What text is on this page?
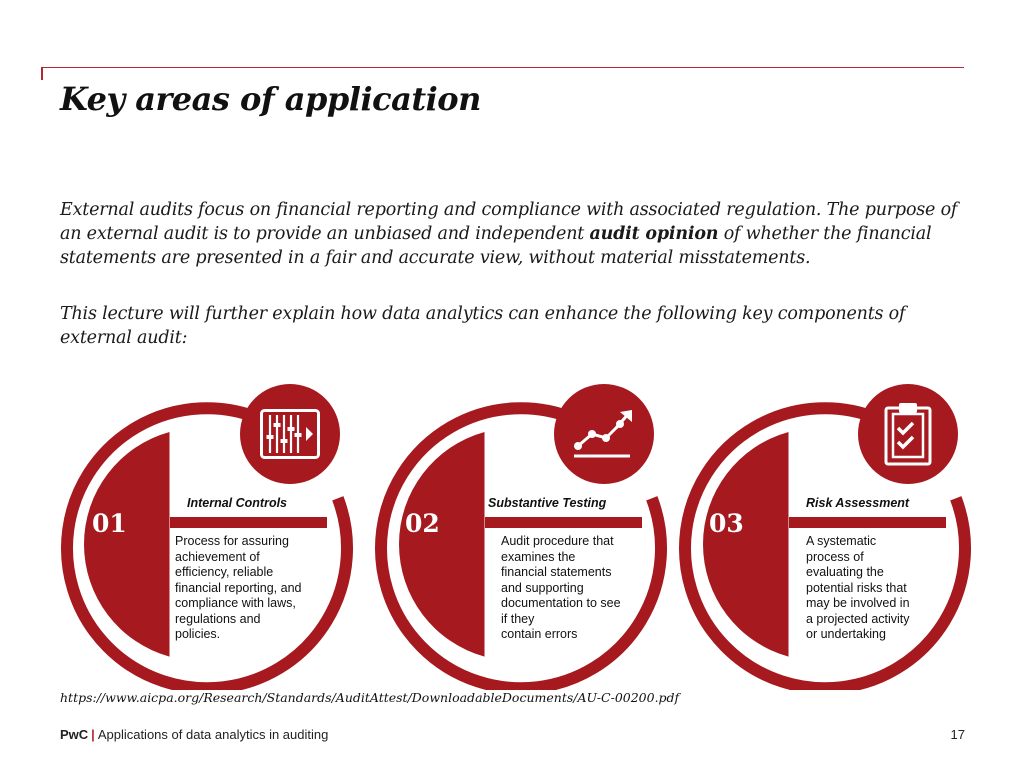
Key areas of application

External audits focus on financial reporting and compliance with associated regulation. The purpose of an external audit is to provide an unbiased and independent audit opinion of whether the financial statements are presented in a fair and accurate view, without material misstatements.

This lecture will further explain how data analytics can enhance the following key components of external audit:

01
Internal Controls

Process for assuring
achievement of
efficiency, reliable
financial reporting, and
compliance with laws,
regulations and
policies.

02
Substantive Testing

Audit procedure that
examines the
financial statements
and supporting
documentation to see
if they
contain errors

03
Risk Assessment

A systematic
process of
evaluating the
potential risks that
may be involved in
a projected activity
or undertaking

https://www.aicpa.org/Research/Standards/AuditAttest/DownloadableDocuments/AU-C-00200.pdf

PwC | Applications of data analytics in auditing	17
